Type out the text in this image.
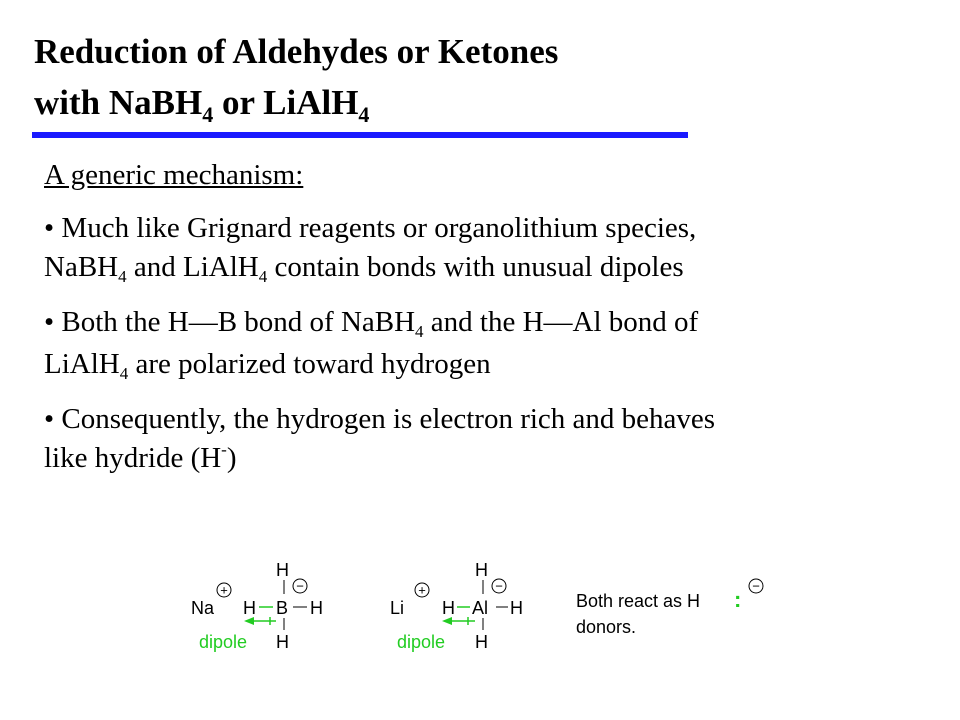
Reduction of Aldehydes or Ketones
with NaBH$_4$ or LiAlH$_4$

A generic mechanism:

• Much like Grignard reagents or organolithium species,
NaBH$_4$ and LiAlH$_4$ contain bonds with unusual dipoles

• Both the H—B bond of NaBH$_4$ and the H—Al bond of
LiAlH$_4$ are polarized toward hydrogen

• Consequently, the hydrogen is electron rich and behaves
like hydride (H-)

Na
+
H
−
H B H
H
dipole
Li
+
H
−
H Al H
H
dipole
Both react as H :
−
donors.
